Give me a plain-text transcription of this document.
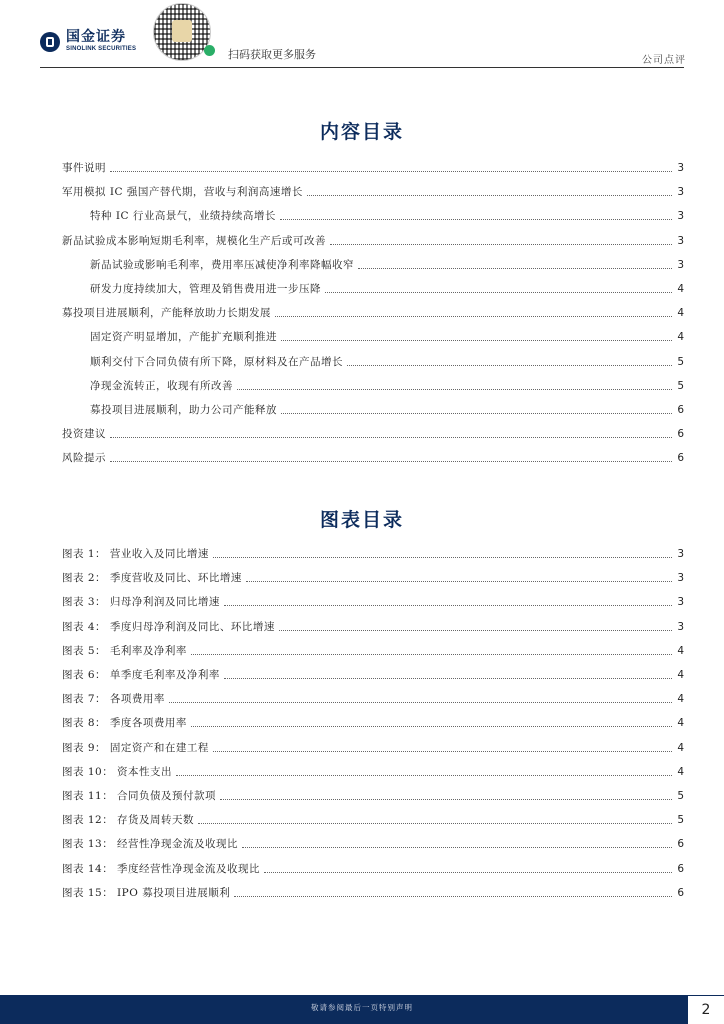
国金证券
SINOLINK SECURITIES	扫码获取更多服务	公司点评
内容目录
事件说明	3
军用模拟 IC 强国产替代期，营收与利润高速增长	3
特种 IC 行业高景气，业绩持续高增长	3
新品试验成本影响短期毛利率，规模化生产后或可改善	3
新品试验或影响毛利率，费用率压减使净利率降幅收窄	3
研发力度持续加大，管理及销售费用进一步压降	4
募投项目进展顺利，产能释放助力长期发展	4
固定资产明显增加，产能扩充顺利推进	4
顺利交付下合同负债有所下降，原材料及在产品增长	5
净现金流转正，收现有所改善	5
募投项目进展顺利，助力公司产能释放	6
投资建议	6
风险提示	6
图表目录
图表 1： 营业收入及同比增速	3
图表 2： 季度营收及同比、环比增速	3
图表 3： 归母净利润及同比增速	3
图表 4： 季度归母净利润及同比、环比增速	3
图表 5： 毛利率及净利率	4
图表 6： 单季度毛利率及净利率	4
图表 7： 各项费用率	4
图表 8： 季度各项费用率	4
图表 9： 固定资产和在建工程	4
图表 10： 资本性支出	4
图表 11： 合同负债及预付款项	5
图表 12： 存货及周转天数	5
图表 13： 经营性净现金流及收现比	6
图表 14： 季度经营性净现金流及收现比	6
图表 15： IPO 募投项目进展顺利	6
敬请参阅最后一页特别声明	2
